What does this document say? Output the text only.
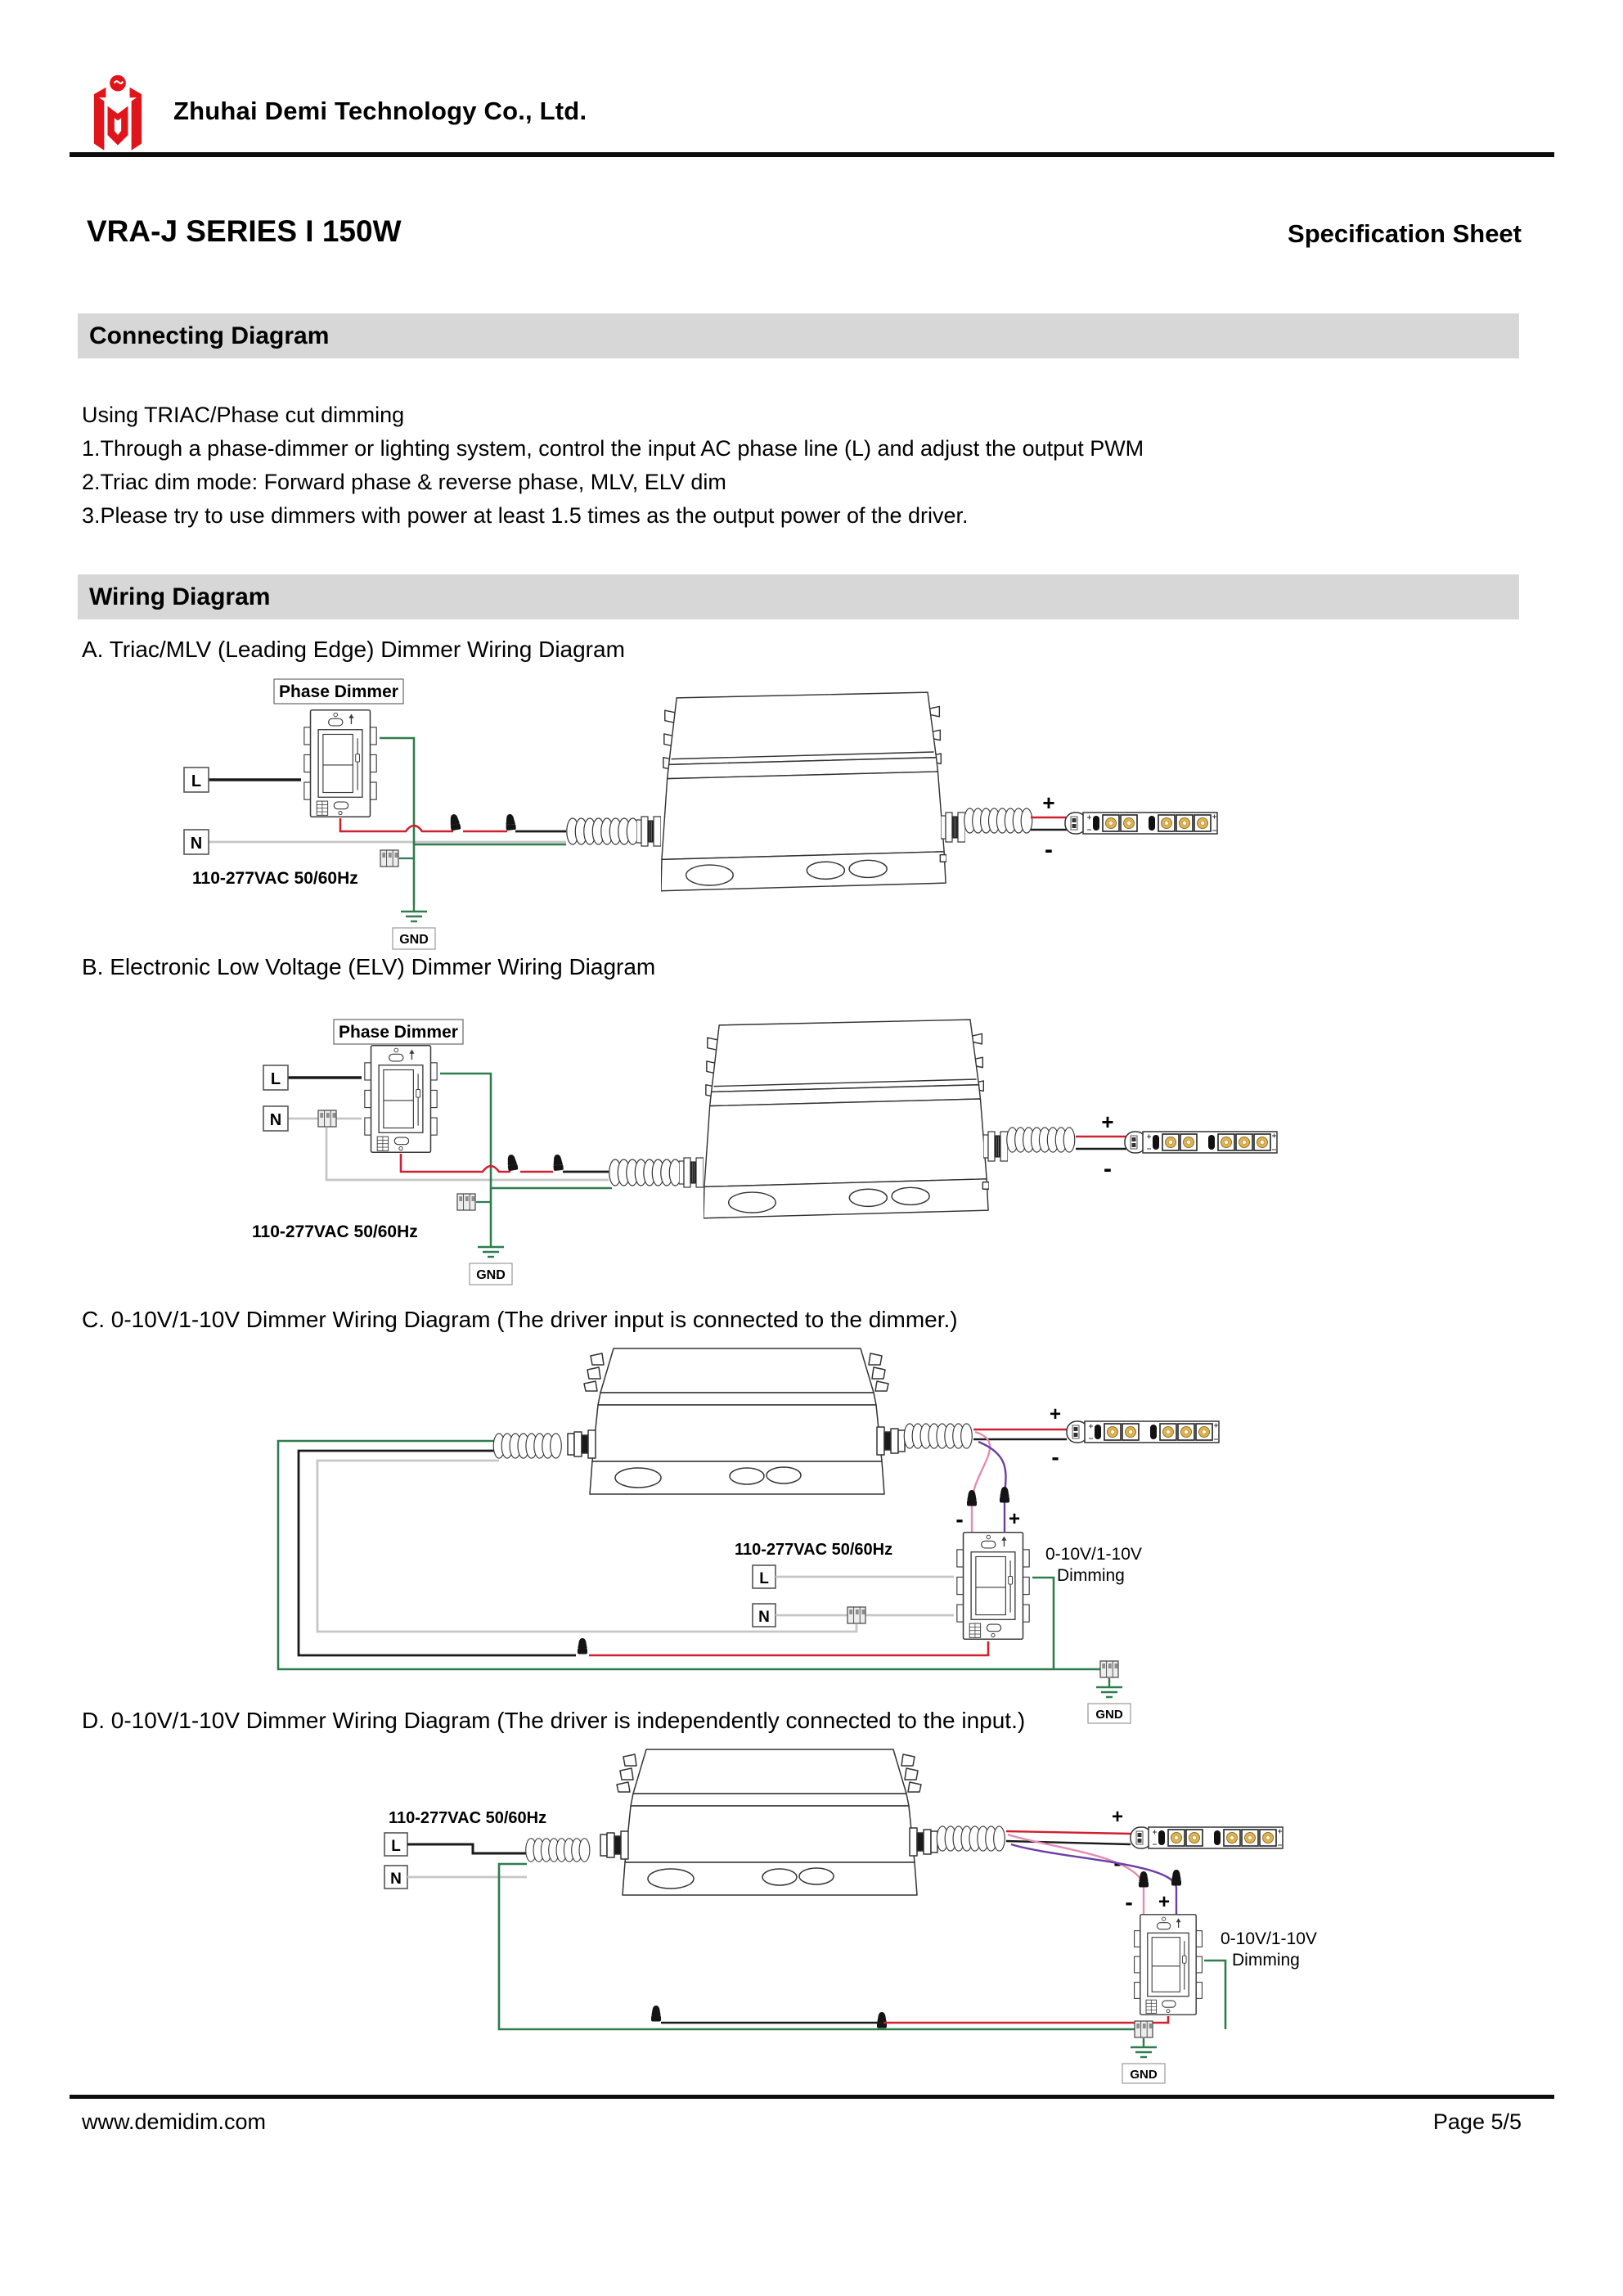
Zhuhai Demi Technology Co., Ltd.
VRA-J SERIES I 150W	Specification Sheet
Connecting Diagram
Using TRIAC/Phase cut dimming
1.Through a phase-dimmer or lighting system, control the input AC phase line (L) and adjust the output PWM
2.Triac dim mode: Forward phase & reverse phase, MLV, ELV dim
3.Please try to use dimmers with power at least 1.5 times as the output power of the driver.
Wiring Diagram
A. Triac/MLV (Leading Edge) Dimmer Wiring Diagram
Phase Dimmer
L
N
110-277VAC 50/60Hz
GND
+
-
B. Electronic Low Voltage (ELV) Dimmer Wiring Diagram
Phase Dimmer
L
N
110-277VAC 50/60Hz
GND
+
-
C. 0-10V/1-10V Dimmer Wiring Diagram (The driver input is connected to the dimmer.)
+
-
- +
0-10V/1-10V
Dimming
110-277VAC 50/60Hz
L
N
GND
D. 0-10V/1-10V Dimmer Wiring Diagram (The driver is independently connected to the input.)
110-277VAC 50/60Hz
L
N
+
-
- +
0-10V/1-10V
Dimming
GND
www.demidim.com	Page 5/5
